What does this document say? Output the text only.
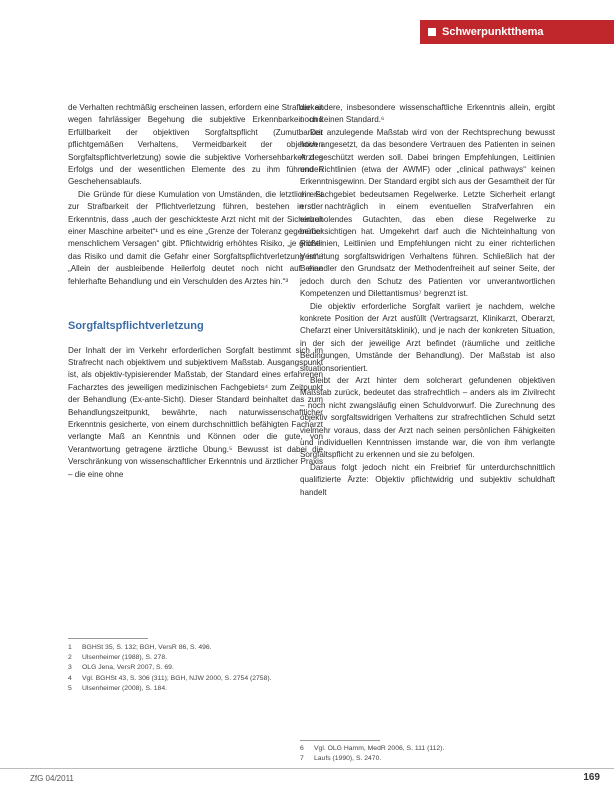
Schwerpunktthema

de Verhalten rechtmäßig erscheinen lassen, erfordern eine Strafbarkeit wegen fahrlässiger Begehung die subjektive Erkennbarkeit und Erfüllbarkeit der objektiven Sorgfaltspflicht (Zumutbarkeit pflichtgemäßen Verhaltens, Vermeidbarkeit der objektiven Sorgfaltspflichtverletzung) sowie die subjektive Vorhersehbarkeit des Erfolgs und der wesentlichen Elemente des zu ihm führenden Geschehensablaufs.

Die Gründe für diese Kumulation von Umständen, die letztlich erst zur Strafbarkeit der Pflichtverletzung führen, bestehen in der Erkenntnis, dass „auch der geschickteste Arzt nicht mit der Sicherheit einer Maschine arbeitet“¹ und es eine „Grenze der Toleranz gegenüber menschlichem Versagen“ gibt. Pflichtwidrig erhöhtes Risiko, „je größer das Risiko und damit die Gefahr einer Sorgfaltspflichtverletzung ist“.² „Allein der ausbleibende Heilerfolg deutet noch nicht auf eine fehlerhafte Behandlung und ein Verschulden des Arztes hin.“³

Sorgfaltspflichtverletzung

Der Inhalt der im Verkehr erforderlichen Sorgfalt bestimmt sich im Strafrecht nach objektivem und subjektivem Maßstab. Ausgangspunkt ist, als objektiv-typisierender Maßstab, der Standard eines erfahrenen Facharztes des jeweiligen medizinischen Fachgebiets⁴ zum Zeitpunkt der Behandlung (Ex-ante-Sicht). Dieser Standard beinhaltet das zum Behandlungszeitpunkt, bewährte, nach naturwissenschaftlicher Erkenntnis gesicherte, von einem durchschnittlich befähigten Facharzt verlangte Maß an Kenntnis und Können oder die gute, von Verantwortung getragene ärztliche Übung.⁵ Bewusst ist dabei die Verschränkung von wissenschaftlicher Erkenntnis und ärztlicher Praxis – die eine ohne

1	BGHSt 35, S. 132; BGH, VersR 86, S. 496.
2	Ulsenheimer (1988), S. 278.
3	OLG Jena, VersR 2007, S. 69.
4	Vgl. BGHSt 43, S. 306 (311); BGH, NJW 2000, S. 2754 (2758).
5	Ulsenheimer (2008), S. 184.

die andere, insbesondere wissenschaftliche Erkenntnis allein, ergibt noch keinen Standard.⁶

Der anzulegende Maßstab wird von der Rechtsprechung bewusst hoch angesetzt, da das besondere Vertrauen des Patienten in seinen Arzt geschützt werden soll. Dabei bringen Empfehlungen, Leitlinien und Richtlinien (etwa der AWMF) oder „clinical pathways“ keinen Erkenntnisgewinn. Der Standard ergibt sich aus der Gesamtheit der für ein Fachgebiet bedeutsamen Regelwerke. Letzte Sicherheit erlangt erst nachträglich in einem eventuellen Strafverfahren ein einzuholendes Gutachten, das eben diese Regelwerke zu berücksichtigen hat. Umgekehrt darf auch die Nichteinhaltung von Richtlinien, Leitlinien und Empfehlungen nicht zu einer richterlichen Vermutung sorgfaltswidrigen Verhaltens führen. Schließlich hat der Behandler den Grundsatz der Methodenfreiheit auf seiner Seite, der jedoch durch den Schutz des Patienten vor unverantwortlichen Kompetenzen und Dilettantismus⁷ begrenzt ist.

Die objektiv erforderliche Sorgfalt variiert je nachdem, welche konkrete Position der Arzt ausfüllt (Vertragsarzt, Klinikarzt, Oberarzt, Chefarzt einer Universitätsklinik), und je nach der konkreten Situation, in der sich der jeweilige Arzt befindet (räumliche und zeitliche Bedingungen, Umstände der Behandlung). Der Maßstab ist also situationsorientiert.

Bleibt der Arzt hinter dem solcherart gefundenen objektiven Maßstab zurück, bedeutet das strafrechtlich – anders als im Zivilrecht – noch nicht zwangsläufig einen Schuldvorwurf. Die Zurechnung des objektiv sorgfaltswidrigen Verhaltens zur strafrechtlichen Schuld setzt vielmehr voraus, dass der Arzt nach seinen persönlichen Fähigkeiten und individuellen Kenntnissen imstande war, die von ihm verlangte Sorgfaltspflicht zu erkennen und sie zu befolgen.

Daraus folgt jedoch nicht ein Freibrief für unterdurchschnittlich qualifizierte Ärzte: Objektiv pflichtwidrig und subjektiv schuldhaft handelt

6	Vgl. OLG Hamm, MedR 2006, S. 111 (112).
7	Laufs (1990), S. 2470.
ZfG 04/2011	169
